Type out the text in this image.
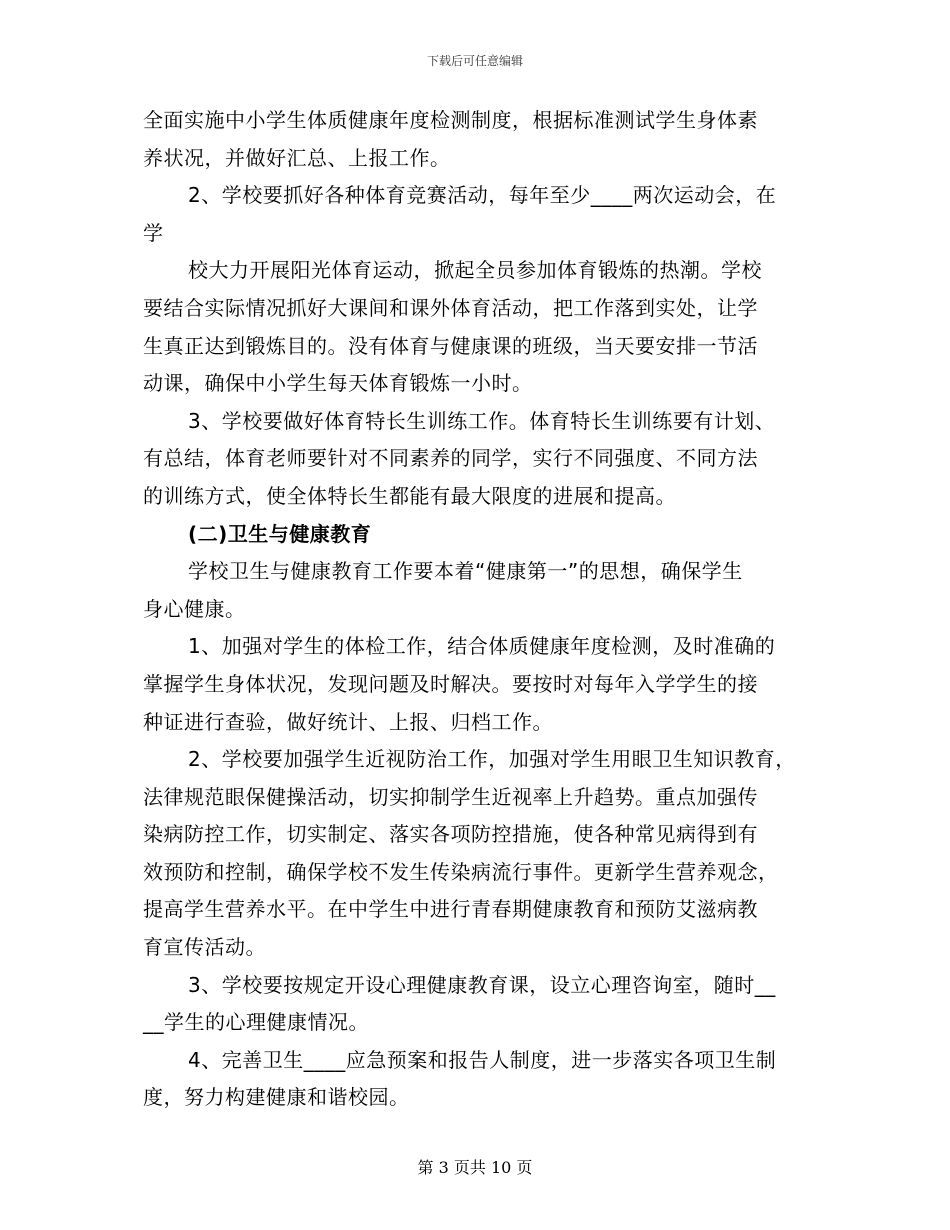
下载后可任意编辑
全面实施中小学生体质健康年度检测制度，根据标准测试学生身体素
养状况，并做好汇总、上报工作。
2、学校要抓好各种体育竞赛活动，每年至少____两次运动会，在
学
校大力开展阳光体育运动，掀起全员参加体育锻炼的热潮。学校
要结合实际情况抓好大课间和课外体育活动，把工作落到实处，让学
生真正达到锻炼目的。没有体育与健康课的班级，当天要安排一节活
动课，确保中小学生每天体育锻炼一小时。
3、学校要做好体育特长生训练工作。体育特长生训练要有计划、
有总结，体育老师要针对不同素养的同学，实行不同强度、不同方法
的训练方式，使全体特长生都能有最大限度的进展和提高。
(二)卫生与健康教育
学校卫生与健康教育工作要本着“健康第一”的思想，确保学生
身心健康。
1、加强对学生的体检工作，结合体质健康年度检测，及时准确的
掌握学生身体状况，发现问题及时解决。要按时对每年入学学生的接
种证进行查验，做好统计、上报、归档工作。
2、学校要加强学生近视防治工作，加强对学生用眼卫生知识教育，
法律规范眼保健操活动，切实抑制学生近视率上升趋势。重点加强传
染病防控工作，切实制定、落实各项防控措施，使各种常见病得到有
效预防和控制，确保学校不发生传染病流行事件。更新学生营养观念，
提高学生营养水平。在中学生中进行青春期健康教育和预防艾滋病教
育宣传活动。
3、学校要按规定开设心理健康教育课，设立心理咨询室，随时__
__学生的心理健康情况。
4、完善卫生____应急预案和报告人制度，进一步落实各项卫生制
度，努力构建健康和谐校园。
第 3 页共 10 页
